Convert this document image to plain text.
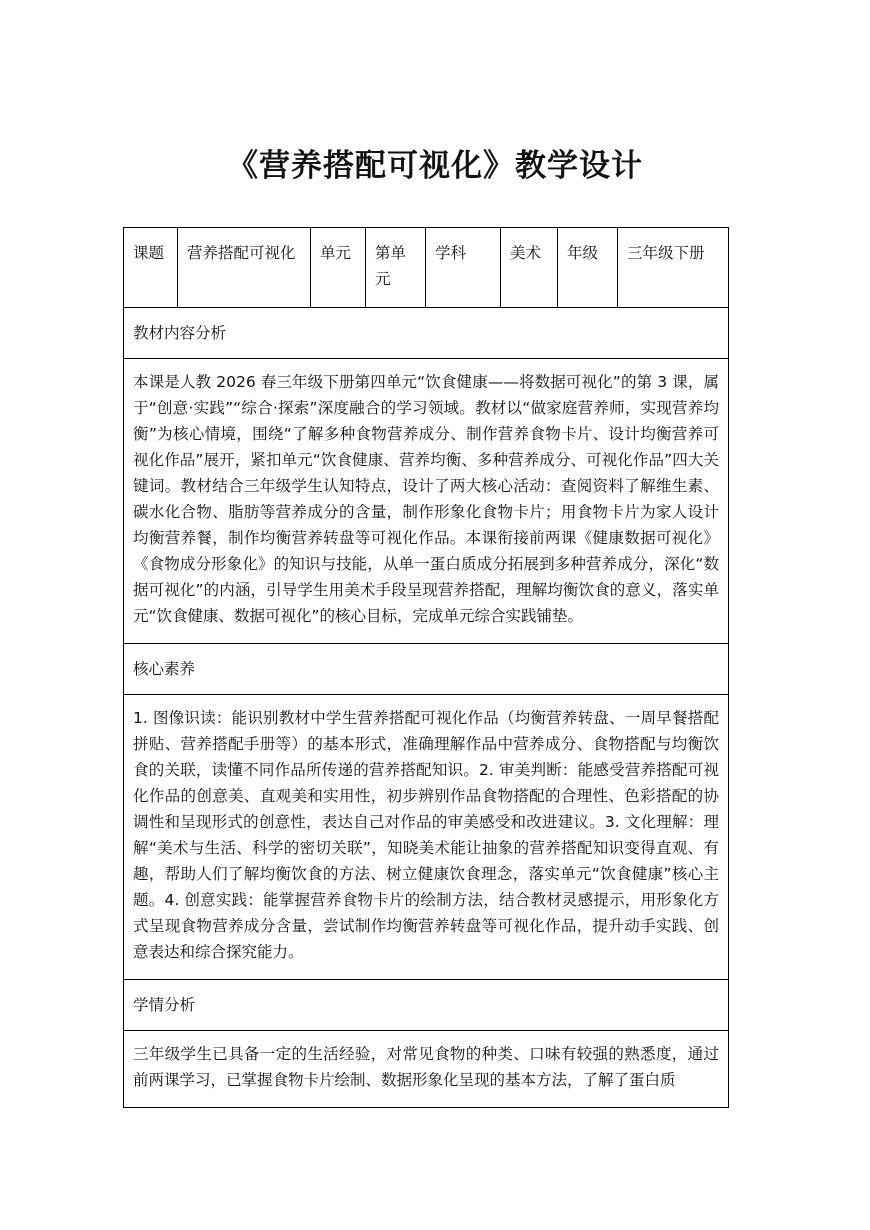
《营养搭配可视化》教学设计
课题	营养搭配可视化	单元	第单元	学科	美术	年级	三年级下册
教材内容分析
本课是人教 2026 春三年级下册第四单元“饮食健康——将数据可视化”的第 3 课，属于“创意·实践”“综合·探索”深度融合的学习领域。教材以“做家庭营养师，实现营养均衡”为核心情境，围绕“了解多种食物营养成分、制作营养食物卡片、设计均衡营养可视化作品”展开，紧扣单元“饮食健康、营养均衡、多种营养成分、可视化作品”四大关键词。教材结合三年级学生认知特点，设计了两大核心活动：查阅资料了解维生素、碳水化合物、脂肪等营养成分的含量，制作形象化食物卡片；用食物卡片为家人设计均衡营养餐，制作均衡营养转盘等可视化作品。本课衔接前两课《健康数据可视化》《食物成分形象化》的知识与技能，从单一蛋白质成分拓展到多种营养成分，深化“数据可视化”的内涵，引导学生用美术手段呈现营养搭配，理解均衡饮食的意义，落实单元“饮食健康、数据可视化”的核心目标，完成单元综合实践铺垫。
核心素养
1. 图像识读：能识别教材中学生营养搭配可视化作品（均衡营养转盘、一周早餐搭配拼贴、营养搭配手册等）的基本形式，准确理解作品中营养成分、食物搭配与均衡饮食的关联，读懂不同作品所传递的营养搭配知识。2. 审美判断：能感受营养搭配可视化作品的创意美、直观美和实用性，初步辨别作品食物搭配的合理性、色彩搭配的协调性和呈现形式的创意性，表达自己对作品的审美感受和改进建议。3. 文化理解：理解“美术与生活、科学的密切关联”，知晓美术能让抽象的营养搭配知识变得直观、有趣，帮助人们了解均衡饮食的方法、树立健康饮食理念，落实单元“饮食健康”核心主题。4. 创意实践：能掌握营养食物卡片的绘制方法，结合教材灵感提示，用形象化方式呈现食物营养成分含量，尝试制作均衡营养转盘等可视化作品，提升动手实践、创意表达和综合探究能力。
学情分析
三年级学生已具备一定的生活经验，对常见食物的种类、口味有较强的熟悉度，通过前两课学习，已掌握食物卡片绘制、数据形象化呈现的基本方法，了解了蛋白质
